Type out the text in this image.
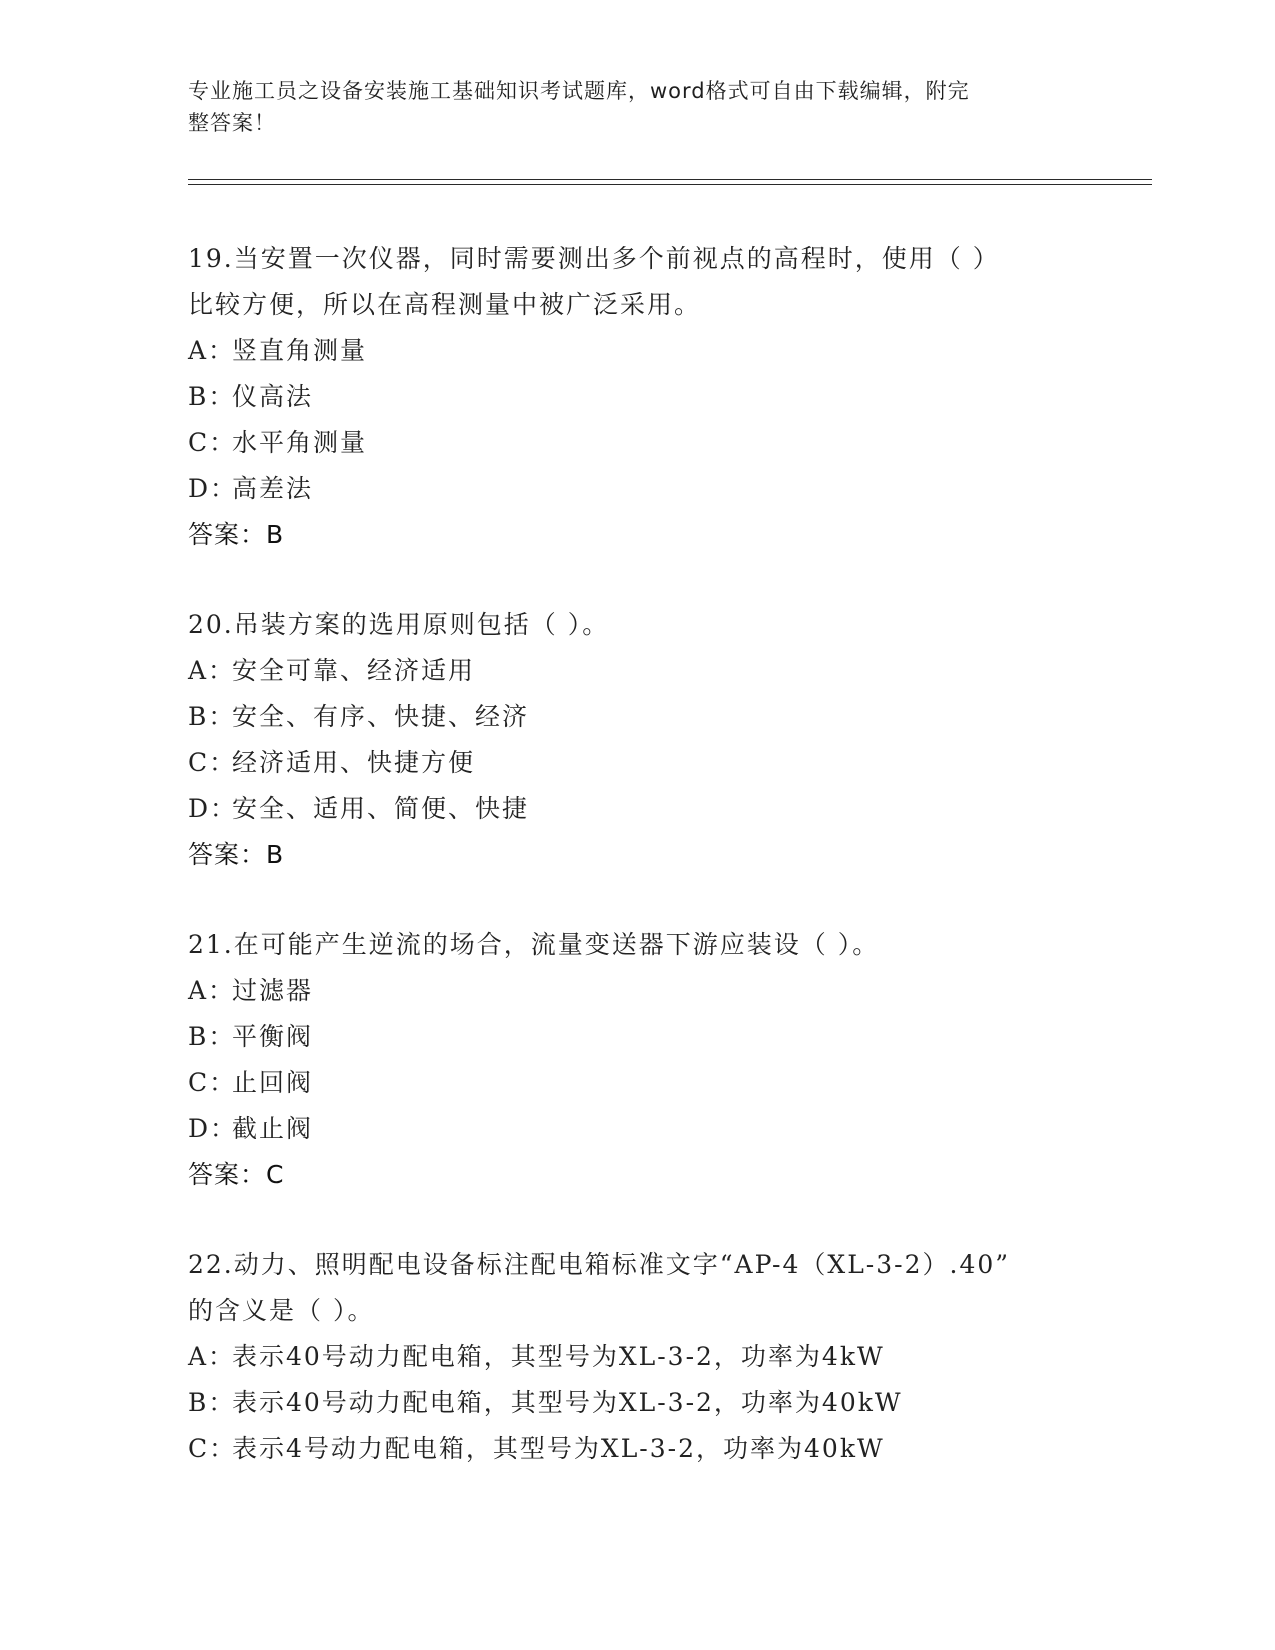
专业施工员之设备安装施工基础知识考试题库，word格式可自由下载编辑，附完
整答案！
19.当安置一次仪器，同时需要测出多个前视点的高程时，使用（ ）
比较方便，所以在高程测量中被广泛采用。
A：竖直角测量
B：仪高法
C：水平角测量
D：高差法
答案：B
20.吊装方案的选用原则包括（ ）。
A：安全可靠、经济适用
B：安全、有序、快捷、经济
C：经济适用、快捷方便
D：安全、适用、简便、快捷
答案：B
21.在可能产生逆流的场合，流量变送器下游应装设（ ）。
A：过滤器
B：平衡阀
C：止回阀
D：截止阀
答案：C
22.动力、照明配电设备标注配电箱标准文字“AP-4（XL-3-2）.40”
的含义是（ ）。
A：表示40号动力配电箱，其型号为XL-3-2，功率为4kW
B：表示40号动力配电箱，其型号为XL-3-2，功率为40kW
C：表示4号动力配电箱，其型号为XL-3-2，功率为40kW
